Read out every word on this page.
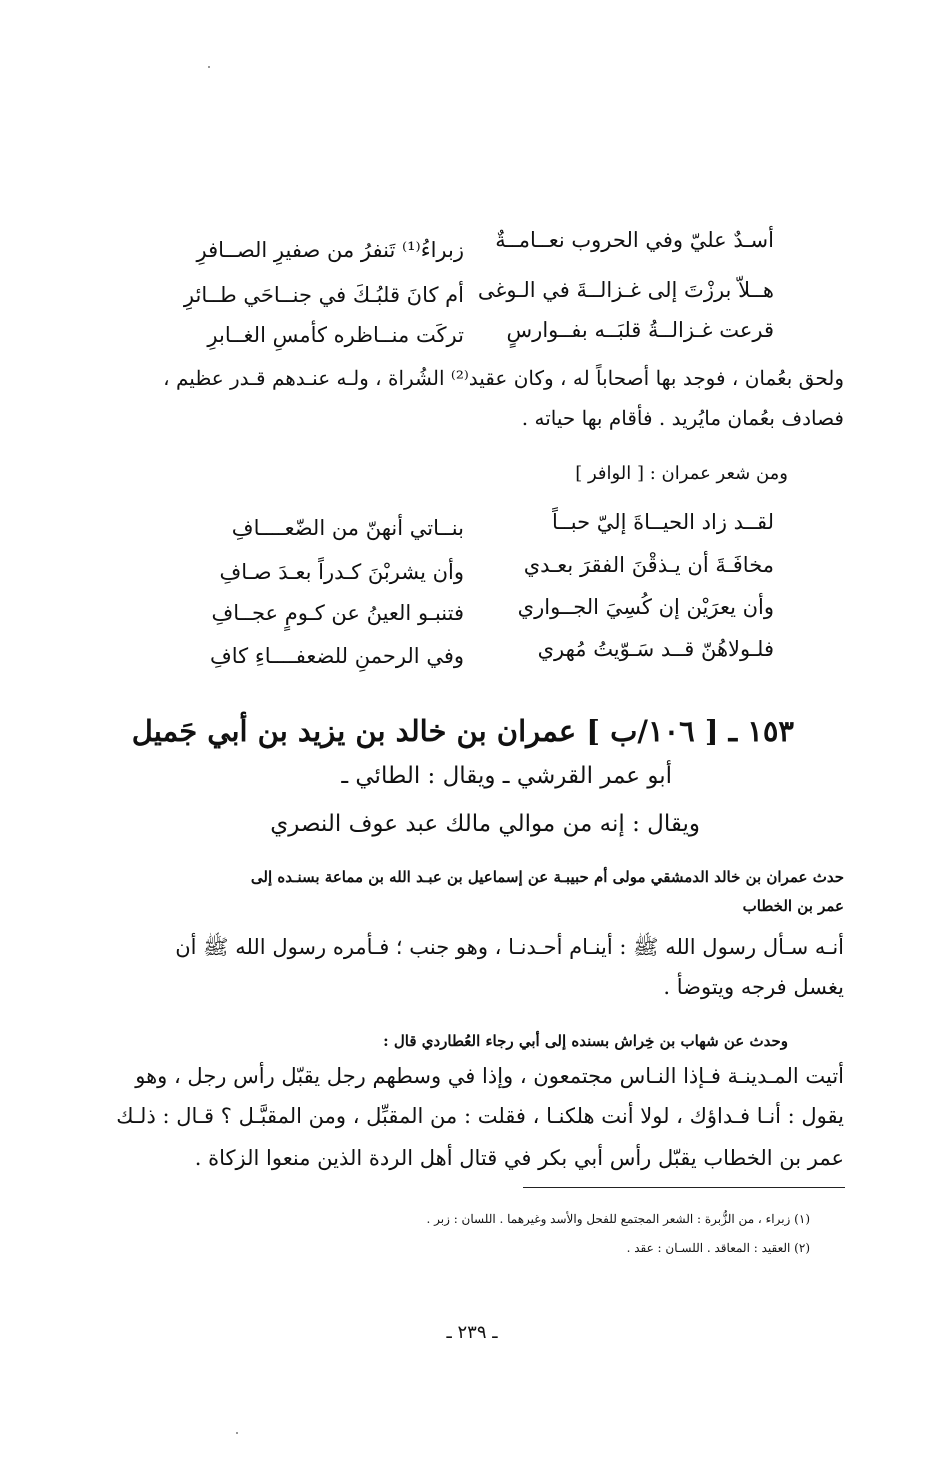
أسـدٌ عليّ وفي الحروب نعــامــةٌ
زبراءُ⁽¹⁾ تَنفرُ من صفيرِ الصــافرِ
هــلاّ برزْتَ إلى غـزالــةَ في الـوغى
أم كانَ قلبُـكَ في جنــاحَي طــائرِ
قرعت غـزالــةُ قلبَــه بفــوارسٍ
تركَت منــاظره كأمسِ الغــابرِ
ولحق بعُمان ، فوجد بها أصحاباً له ، وكان عقيد⁽²⁾ الشُراة ، ولـه عنـدهم قـدر عظيم ،
فصادف بعُمان مايُريد . فأقام بها حياته .
ومن شعر عمران : [ الوافر ]
لقــد زاد الحيــاةَ إليّ حبــاً
بنــاتي أنهنّ من الضّعــــافِ
مخافَـةَ أن يـذقْنَ الفقرَ بعـدي
وأن يشربْنَ كـدراً بعـدَ صـافِ
وأن يعرَيْن إن كُسِيَ الجــواري
فتنبـو العينُ عن كـومٍ عجــافِ
فلـولاهُنّ قــد سَـوّيتُ مُهري
وفي الرحمنِ للضعفــــاءِ كافِ
١٥٣ ـ [ ١٠٦/ب ] عمران بن خالد بن يزيد بن أبي جَميل
أبو عمر القرشي ـ ويقال : الطائي ـ
ويقال : إنه من موالي مالك عبد عوف النصري
حدث عمران بن خالد الدمشقي مولى أم حبيبـة عن إسماعيل بن عبـد الله بن مماعة بسنـده إلى
عمر بن الخطاب
أنـه سـأل رسول الله ﷺ : أينـام أحـدنـا ، وهو جنب ؛ فـأمره رسول الله ﷺ أن
يغسل فرجه ويتوضأ .
وحدث عن شهاب بن خِراش بسنده إلى أبي رجاء العُطاردي قال :
أتيت المـدينـة فـإذا النـاس مجتمعون ، وإذا في وسطهم رجل يقبّل رأس رجل ، وهو
يقول : أنـا فـداؤك ، لولا أنت هلكنـا ، فقلت : من المقبِّل ، ومن المقبَّـل ؟ قـال : ذلـك
عمر بن الخطاب يقبّل رأس أبي بكر في قتال أهل الردة الذين منعوا الزكاة .
(١) زبراء ، من الزُّبرة : الشعر المجتمع للفحل والأسد وغيرهما . اللسان : زبر .
(٢) العقيد : المعاقد . اللسـان : عقد .
ـ ٢٣٩ ـ
